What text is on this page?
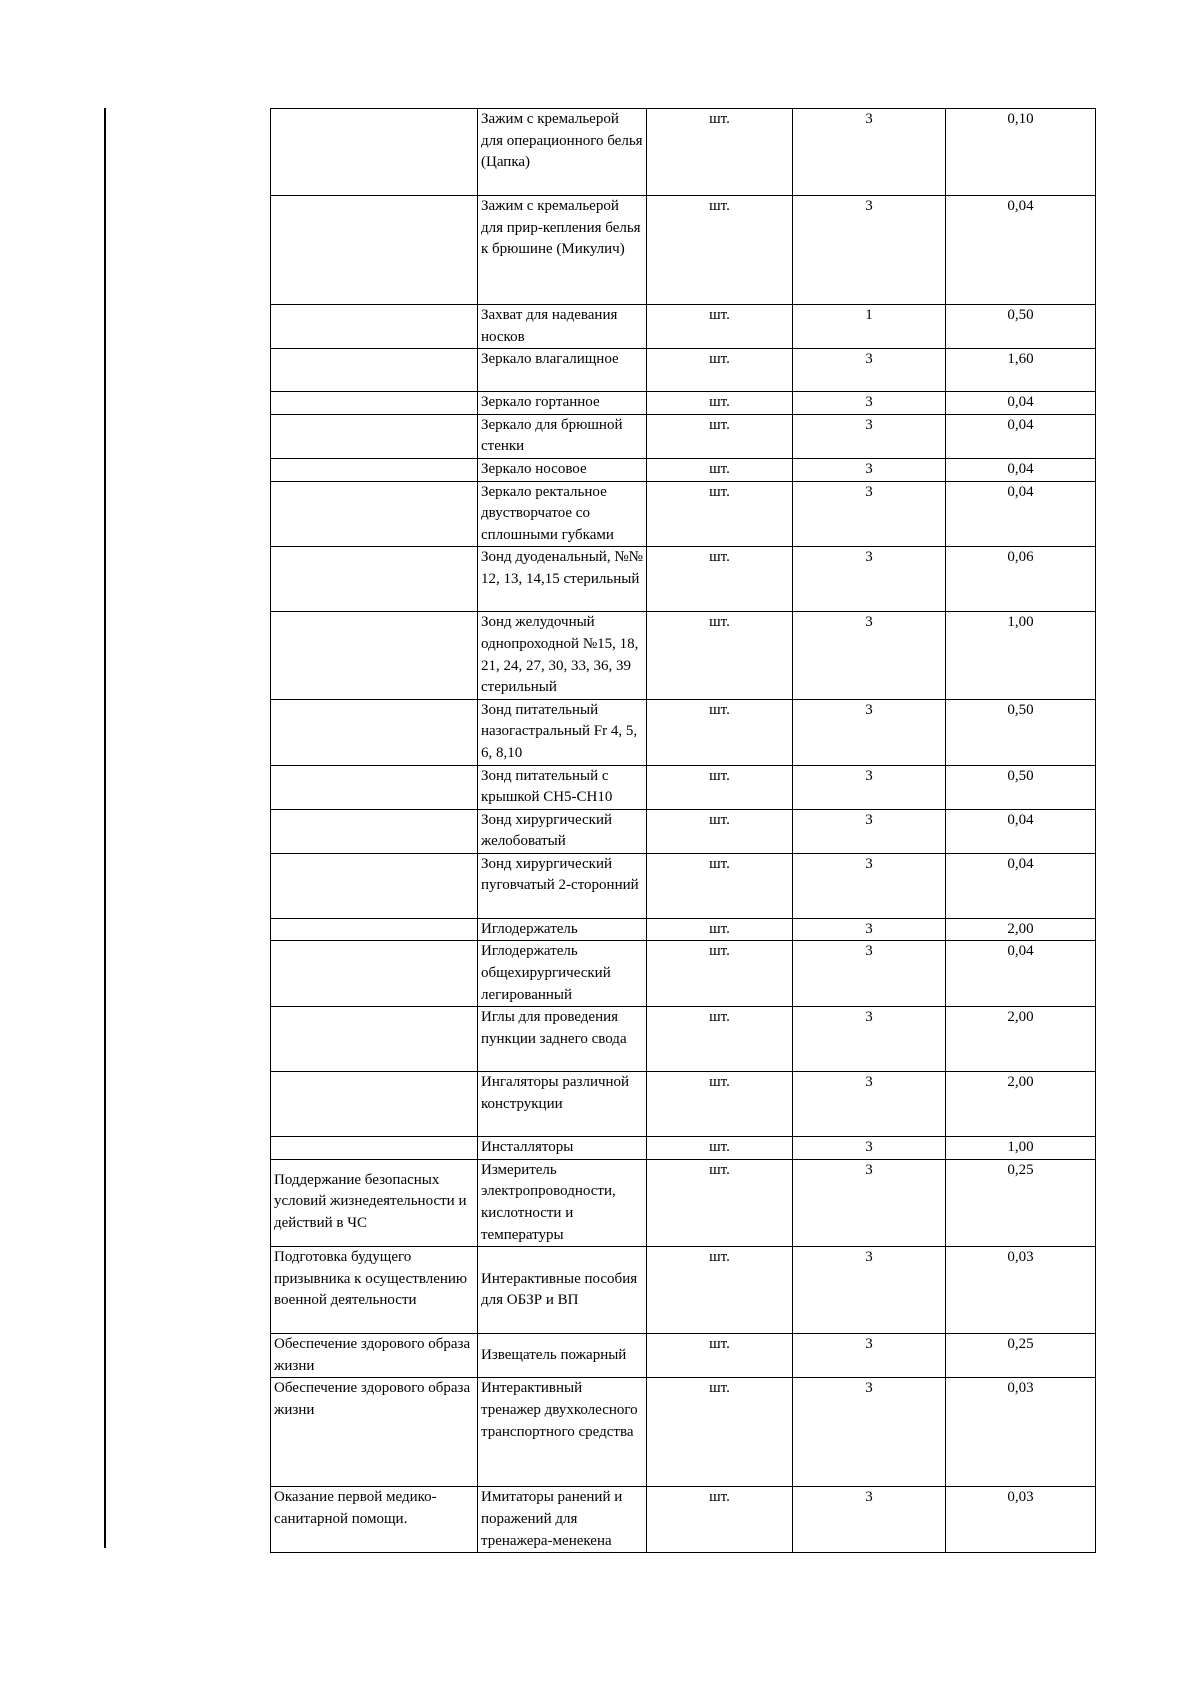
	Зажим с кремальерой для операционного белья (Цапка)	шт.	3	0,10
	Зажим с кремальерой для прир-кепления белья к брюшине (Микулич)	шт.	3	0,04
	Захват для надевания носков	шт.	1	0,50
	Зеркало влагалищное	шт.	3	1,60
	Зеркало гортанное	шт.	3	0,04
	Зеркало для брюшной стенки	шт.	3	0,04
	Зеркало носовое	шт.	3	0,04
	Зеркало ректальное двустворчатое со сплошными губками	шт.	3	0,04
	Зонд дуоденальный, №№ 12, 13, 14,15 стерильный	шт.	3	0,06
	Зонд желудочный однопроходной №15, 18, 21, 24, 27, 30, 33, 36, 39 стерильный	шт.	3	1,00
	Зонд питательный назогастральный Fr 4, 5, 6, 8,10	шт.	3	0,50
	Зонд питательный с крышкой CH5-CH10	шт.	3	0,50
	Зонд хирургический желобоватый	шт.	3	0,04
	Зонд хирургический пуговчатый 2-сторонний	шт.	3	0,04
	Иглодержатель	шт.	3	2,00
	Иглодержатель общехирургический легированный	шт.	3	0,04
	Иглы для проведения пункции заднего свода	шт.	3	2,00
	Ингаляторы различной конструкции	шт.	3	2,00
	Инсталляторы	шт.	3	1,00
Поддержание безопасных условий жизнедеятельности и действий в ЧС	Измеритель электропроводности, кислотности и температуры	шт.	3	0,25
Подготовка будущего призывника к осуществлению военной деятельности	Интерактивные пособия для ОБЗР и ВП	шт.	3	0,03
Обеспечение здорового образа жизни	Извещатель пожарный	шт.	3	0,25
Обеспечение здорового образа жизни	Интерактивный тренажер двухколесного транспортного средства	шт.	3	0,03
Оказание первой медико-санитарной помощи.	Имитаторы ранений и поражений для тренажера-менекена	шт.	3	0,03
